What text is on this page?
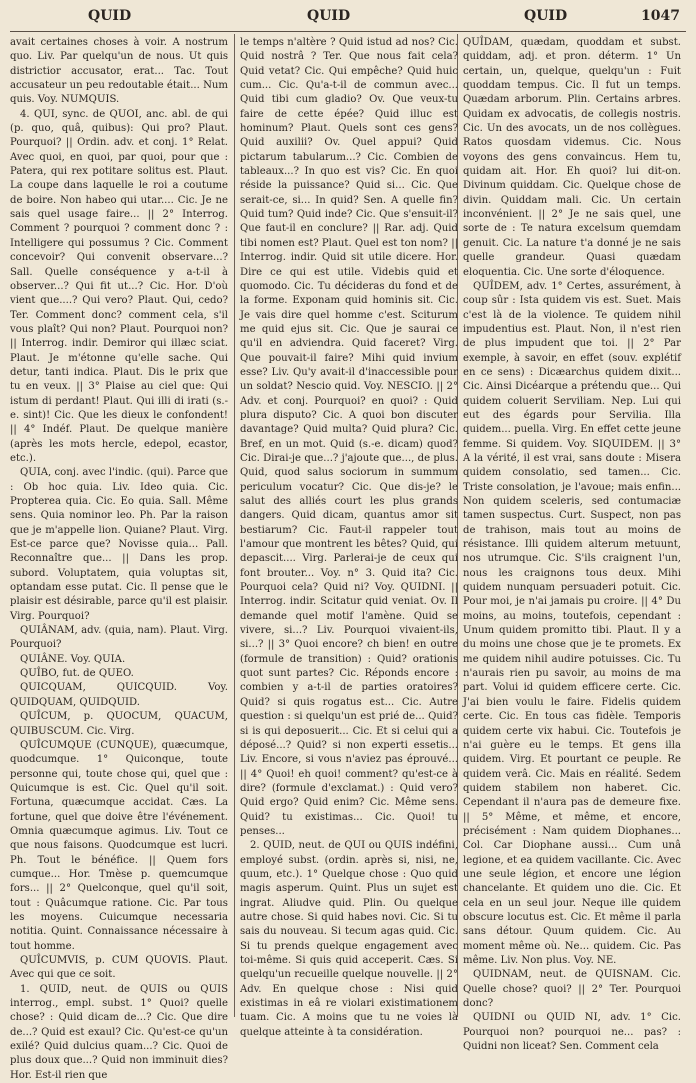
QUID	QUID	QUID	1047

avait certaines choses à voir. A nostrum quo. Liv. Par quelqu'un de nous. Ut quis districtior accusator, erat... Tac. Tout accusateur un peu redoutable était... Num quis. Voy. NUMQUIS.

4. QUI, sync. de QUOI, anc. abl. de qui (p. quo, quâ, quibus): Qui pro? Plaut. Pourquoi? || Ordin. adv. et conj. 1° Relat. Avec quoi, en quoi, par quoi, pour que : Patera, qui rex potitare solitus est. Plaut. La coupe dans laquelle le roi a coutume de boire. Non habeo qui utar.... Cic. Je ne sais quel usage faire... || 2° Interrog. Comment ? pourquoi ? comment donc ? : Intelligere qui possumus ? Cic. Comment concevoir? Qui convenit observare...? Sall. Quelle conséquence y a-t-il à observer...? Qui fit ut...? Cic. Hor. D'où vient que....? Qui vero? Plaut. Qui, cedo? Ter. Comment donc? comment cela, s'il vous plaît? Qui non? Plaut. Pourquoi non? || Interrog. indir. Demiror qui illæc sciat. Plaut. Je m'étonne qu'elle sache. Qui detur, tanti indica. Plaut. Dis le prix que tu en veux. || 3° Plaise au ciel que: Qui istum di perdant! Plaut. Qui illi di irati (s.-e. sint)! Cic. Que les dieux le confondent! || 4° Indéf. Plaut. De quelque manière (après les mots hercle, edepol, ecastor, etc.).

QUIA, conj. avec l'indic. (qui). Parce que : Ob hoc quia. Liv. Ideo quia. Cic. Propterea quia. Cic. Eo quia. Sall. Même sens. Quia nominor leo. Ph. Par la raison que je m'appelle lion. Quiane? Plaut. Virg. Est-ce parce que? Novisse quia... Pall. Reconnaître que... || Dans les prop. subord. Voluptatem, quia voluptas sit, optandam esse putat. Cic. Il pense que le plaisir est désirable, parce qu'il est plaisir. Virg. Pourquoi?

QUIÂNAM, adv. (quia, nam). Plaut. Virg. Pourquoi?

QUIÂNE. Voy. QUIA.

QUÎBO, fut. de QUEO.

QUICQUAM, QUICQUID. Voy. QUIDQUAM, QUIDQUID.

QUÎCUM, p. QUOCUM, QUACUM, QUIBUSCUM. Cic. Virg.

QUÎCUMQUE (CUNQUE), quæcumque, quodcumque. 1° Quiconque, toute personne qui, toute chose qui, quel que : Quicumque is est. Cic. Quel qu'il soit. Fortuna, quæcumque accidat. Cæs. La fortune, quel que doive être l'événement. Omnia quæcumque agimus. Liv. Tout ce que nous faisons. Quodcumque est lucri. Ph. Tout le bénéfice. || Quem fors cumque... Hor. Tmèse p. quemcumque fors... || 2° Quelconque, quel qu'il soit, tout : Quâcumque ratione. Cic. Par tous les moyens. Cuicumque necessaria notitia. Quint. Connaissance nécessaire à tout homme.

QUÎCUMVIS, p. CUM QUOVIS. Plaut. Avec qui que ce soit.

1. QUID, neut. de QUIS ou QUIS interrog., empl. subst. 1° Quoi? quelle chose? : Quid dicam de...? Cic. Que dire de...? Quid est exaul? Cic. Qu'est-ce qu'un exilé? Quid dulcius quam...? Cic. Quoi de plus doux que...? Quid non imminuit dies? Hor. Est-il rien que

le temps n'altère ? Quid istud ad nos? Cic. Quid nostrâ ? Ter. Que nous fait cela? Quid vetat? Cic. Qui empêche? Quid huic cum... Cic. Qu'a-t-il de commun avec... Quid tibi cum gladio? Ov. Que veux-tu faire de cette épée? Quid illuc est hominum? Plaut. Quels sont ces gens? Quid auxilii? Ov. Quel appui? Quid pictarum tabularum...? Cic. Combien de tableaux...? In quo est vis? Cic. En quoi réside la puissance? Quid si... Cic. Que serait-ce, si... In quid? Sen. A quelle fin? Quid tum? Quid inde? Cic. Que s'ensuit-il? Que faut-il en conclure? || Rar. adj. Quid tibi nomen est? Plaut. Quel est ton nom? || Interrog. indir. Quid sit utile dicere. Hor. Dire ce qui est utile. Videbis quid et quomodo. Cic. Tu décideras du fond et de la forme. Exponam quid hominis sit. Cic. Je vais dire quel homme c'est. Sciturum me quid ejus sit. Cic. Que je saurai ce qu'il en adviendra. Quid faceret? Virg. Que pouvait-il faire? Mihi quid invium esse? Liv. Qu'y avait-il d'inaccessible pour un soldat? Nescio quid. Voy. NESCIO. || 2° Adv. et conj. Pourquoi? en quoi? : Quid plura disputo? Cic. A quoi bon discuter davantage? Quid multa? Quid plura? Cic. Bref, en un mot. Quid (s.-e. dicam) quod? Cic. Dirai-je que...? j'ajoute que..., de plus. Quid, quod salus sociorum in summum periculum vocatur? Cic. Que dis-je? le salut des alliés court les plus grands dangers. Quid dicam, quantus amor sit bestiarum? Cic. Faut-il rappeler tout l'amour que montrent les bêtes? Quid, qui depascit.... Virg. Parlerai-je de ceux qui font brouter... Voy. n° 3. Quid ita? Cic. Pourquoi cela? Quid ni? Voy. QUIDNI. || Interrog. indir. Scitatur quid veniat. Ov. Il demande quel motif l'amène. Quid se vivere, si...? Liv. Pourquoi vivaient-ils, si...? || 3° Quoi encore? ch bien! en outre (formule de transition) : Quid? orationis quot sunt partes? Cic. Réponds encore : combien y a-t-il de parties oratoires? Quid? si quis rogatus est... Cic. Autre question : si quelqu'un est prié de... Quid? si is qui deposuerit... Cic. Et si celui qui a déposé...? Quid? si non experti essetis... Liv. Encore, si vous n'aviez pas éprouvé... || 4° Quoi! eh quoi! comment? qu'est-ce à dire? (formule d'exclamat.) : Quid vero? Quid ergo? Quid enim? Cic. Même sens. Quid? tu existimas... Cic. Quoi! tu penses...

2. QUID, neut. de QUI ou QUIS indéfini, employé subst. (ordin. après si, nisi, ne, quum, etc.). 1° Quelque chose : Quo quid magis asperum. Quint. Plus un sujet est ingrat. Aliudve quid. Plin. Ou quelque autre chose. Si quid habes novi. Cic. Si tu sais du nouveau. Si tecum agas quid. Cic. Si tu prends quelque engagement avec toi-même. Si quis quid acceperit. Cæs. Si quelqu'un recueille quelque nouvelle. || 2° Adv. En quelque chose : Nisi quid existimas in eâ re violari existimationem tuam. Cic. A moins que tu ne voies là quelque atteinte à ta considération.

QUÎDAM, quædam, quoddam et subst. quiddam, adj. et pron. déterm. 1° Un certain, un, quelque, quelqu'un : Fuit quoddam tempus. Cic. Il fut un temps. Quædam arborum. Plin. Certains arbres. Quidam ex advocatis, de collegis nostris. Cic. Un des avocats, un de nos collègues. Ratos quosdam videmus. Cic. Nous voyons des gens convaincus. Hem tu, quidam ait. Hor. Eh quoi? lui dit-on. Divinum quiddam. Cic. Quelque chose de divin. Quiddam mali. Cic. Un certain inconvénient. || 2° Je ne sais quel, une sorte de : Te natura excelsum quemdam genuit. Cic. La nature t'a donné je ne sais quelle grandeur. Quasi quædam eloquentia. Cic. Une sorte d'éloquence.

QUÎDEM, adv. 1° Certes, assurément, à coup sûr : Ista quidem vis est. Suet. Mais c'est là de la violence. Te quidem nihil impudentius est. Plaut. Non, il n'est rien de plus impudent que toi. || 2° Par exemple, à savoir, en effet (souv. explétif en ce sens) : Dicæarchus quidem dixit... Cic. Ainsi Dicéarque a prétendu que... Qui quidem coluerit Serviliam. Nep. Lui qui eut des égards pour Servilia. Illa quidem... puella. Virg. En effet cette jeune femme. Si quidem. Voy. SIQUIDEM. || 3° A la vérité, il est vrai, sans doute : Misera quidem consolatio, sed tamen... Cic. Triste consolation, je l'avoue; mais enfin... Non quidem sceleris, sed contumaciæ tamen suspectus. Curt. Suspect, non pas de trahison, mais tout au moins de résistance. Illi quidem alterum metuunt, nos utrumque. Cic. S'ils craignent l'un, nous les craignons tous deux. Mihi quidem nunquam persuaderi potuit. Cic. Pour moi, je n'ai jamais pu croire. || 4° Du moins, au moins, toutefois, cependant : Unum quidem promitto tibi. Plaut. Il y a du moins une chose que je te promets. Ex me quidem nihil audire potuisses. Cic. Tu n'aurais rien pu savoir, au moins de ma part. Volui id quidem efficere certe. Cic. J'ai bien voulu le faire. Fidelis quidem certe. Cic. En tous cas fidèle. Temporis quidem certe vix habui. Cic. Toutefois je n'ai guère eu le temps. Et gens illa quidem. Virg. Et pourtant ce peuple. Re quidem verâ. Cic. Mais en réalité. Sedem quidem stabilem non haberet. Cic. Cependant il n'aura pas de demeure fixe. || 5° Même, et même, et encore, précisément : Nam quidem Diophanes... Col. Car Diophane aussi... Cum unâ legione, et ea quidem vacillante. Cic. Avec une seule légion, et encore une légion chancelante. Et quidem uno die. Cic. Et cela en un seul jour. Neque ille quidem obscure locutus est. Cic. Et même il parla sans détour. Quum quidem. Cic. Au moment même où. Ne... quidem. Cic. Pas même. Liv. Non plus. Voy. NE.

QUIDNAM, neut. de QUISNAM. Cic. Quelle chose? quoi? || 2° Ter. Pourquoi donc?

QUIDNI ou QUID NI, adv. 1° Cic. Pourquoi non? pourquoi ne... pas? : Quidni non liceat? Sen. Comment cela
